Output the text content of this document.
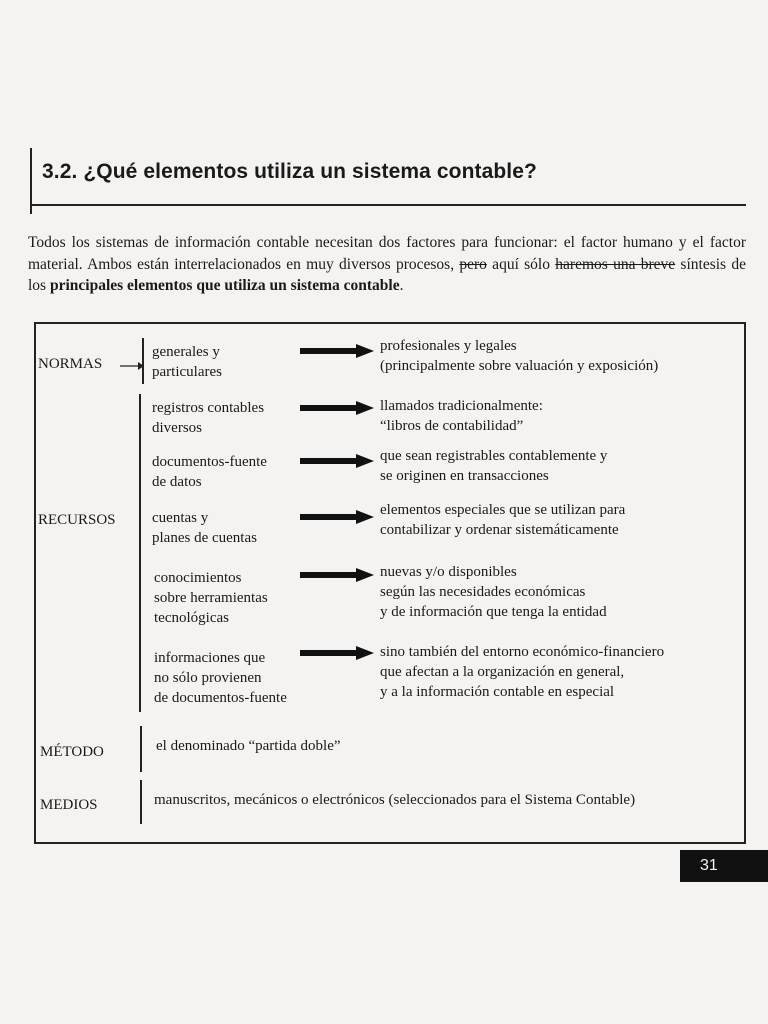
3.2. ¿Qué elementos utiliza un sistema contable?

Todos los sistemas de información contable necesitan dos factores para funcionar: el factor humano y el factor material. Ambos están interrelacionados en muy diversos procesos, pero aquí sólo haremos una breve síntesis de los principales elementos que utiliza un sistema contable.

NORMAS
generales y
particulares
profesionales y legales
(principalmente sobre valuación y exposición)
RECURSOS
registros contables
diversos
llamados tradicionalmente:
“libros de contabilidad”
documentos-fuente
de datos
que sean registrables contablemente y
se originen en transacciones
cuentas y
planes de cuentas
elementos especiales que se utilizan para
contabilizar y ordenar sistemáticamente
conocimientos
sobre herramientas
tecnológicas
nuevas y/o disponibles
según las necesidades económicas
y de información que tenga la entidad
informaciones que
no sólo provienen
de documentos-fuente
sino también del entorno económico-financiero
que afectan a la organización en general,
y a la información contable en especial
MÉTODO	el denominado “partida doble”
MEDIOS	manuscritos, mecánicos o electrónicos (seleccionados para el Sistema Contable)
31
